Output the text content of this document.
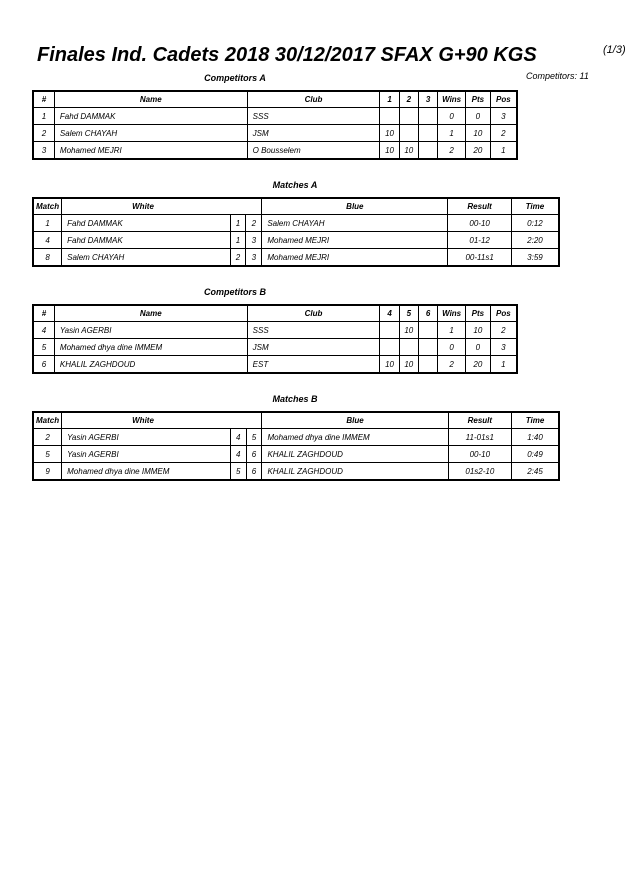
Finales Ind. Cadets 2018 30/12/2017 SFAX G+90 KGS	(1/3)
Competitors: 11
Competitors A
#	Name	Club	1	2	3	Wins	Pts	Pos
1	Fahd DAMMAK	SSS				0	0	3
2	Salem CHAYAH	JSM	10			1	10	2
3	Mohamed MEJRI	O Bousselem	10	10		2	20	1
Matches A
Match	White			Blue	Result	Time
1	Fahd DAMMAK	1	2	Salem CHAYAH	00-10	0:12
4	Fahd DAMMAK	1	3	Mohamed MEJRI	01-12	2:20
8	Salem CHAYAH	2	3	Mohamed MEJRI	00-11s1	3:59
Competitors B
#	Name	Club	4	5	6	Wins	Pts	Pos
4	Yasin AGERBI	SSS		10		1	10	2
5	Mohamed dhya dine IMMEM	JSM				0	0	3
6	KHALIL ZAGHDOUD	EST	10	10		2	20	1
Matches B
Match	White			Blue	Result	Time
2	Yasin AGERBI	4	5	Mohamed dhya dine IMMEM	11-01s1	1:40
5	Yasin AGERBI	4	6	KHALIL ZAGHDOUD	00-10	0:49
9	Mohamed dhya dine IMMEM	5	6	KHALIL ZAGHDOUD	01s2-10	2:45
